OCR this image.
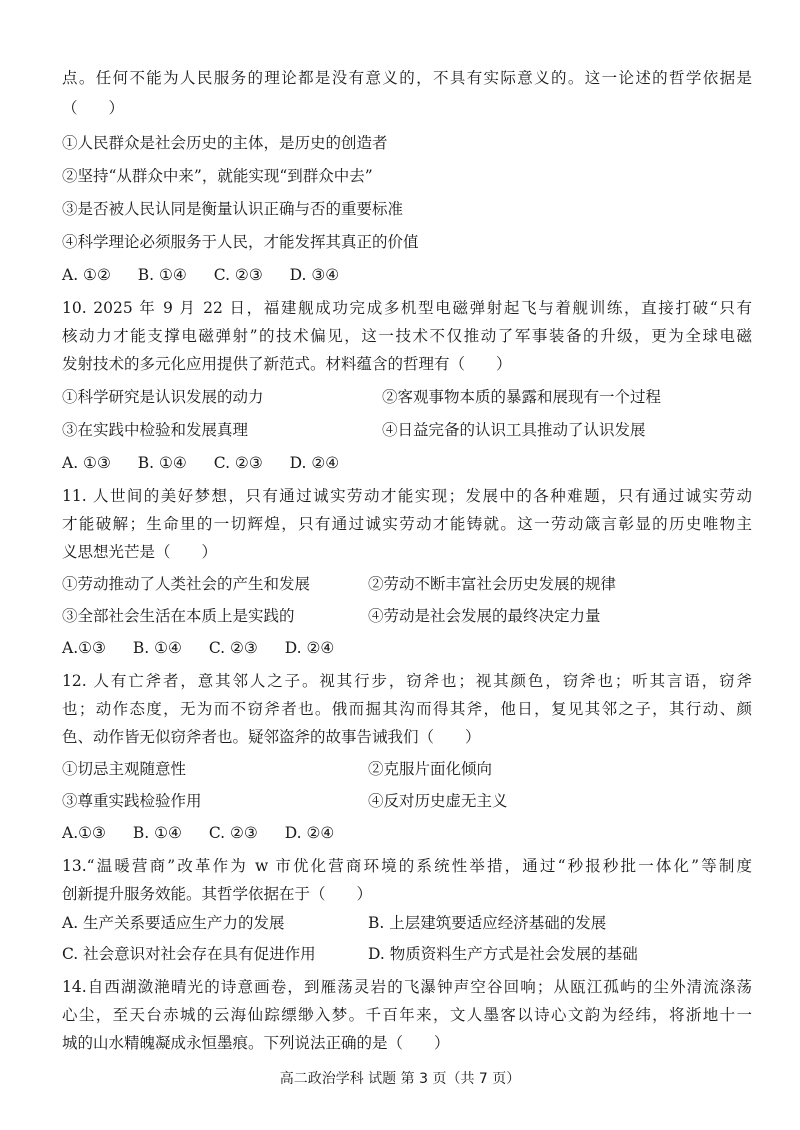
点。任何不能为人民服务的理论都是没有意义的，不具有实际意义的。这一论述的哲学依据是
（　　）
①人民群众是社会历史的主体，是历史的创造者
②坚持“从群众中来”，就能实现“到群众中去”
③是否被人民认同是衡量认识正确与否的重要标准
④科学理论必须服务于人民，才能发挥其真正的价值
A. ①② B. ①④ C. ②③ D. ③④
10. 2025 年 9 月 22 日，福建舰成功完成多机型电磁弹射起飞与着舰训练，直接打破“只有
核动力才能支撑电磁弹射”的技术偏见，这一技术不仅推动了军事装备的升级，更为全球电磁
发射技术的多元化应用提供了新范式。材料蕴含的哲理有（　　）
①科学研究是认识发展的动力	②客观事物本质的暴露和展现有一个过程
③在实践中检验和发展真理	④日益完备的认识工具推动了认识发展
A. ①③ B. ①④ C. ②③ D. ②④
11. 人世间的美好梦想，只有通过诚实劳动才能实现；发展中的各种难题，只有通过诚实劳动
才能破解；生命里的一切辉煌，只有通过诚实劳动才能铸就。这一劳动箴言彰显的历史唯物主
义思想光芒是（　　）
①劳动推动了人类社会的产生和发展	②劳动不断丰富社会历史发展的规律
③全部社会生活在本质上是实践的	④劳动是社会发展的最终决定力量
A.①③ B. ①④ C. ②③ D. ②④
12. 人有亡斧者，意其邻人之子。视其行步，窃斧也；视其颜色，窃斧也；听其言语，窃斧
也；动作态度，无为而不窃斧者也。俄而掘其沟而得其斧，他日，复见其邻之子，其行动、颜
色、动作皆无似窃斧者也。疑邻盗斧的故事告诫我们（　　）
①切忌主观随意性	②克服片面化倾向
③尊重实践检验作用	④反对历史虚无主义
A.①③ B. ①④ C. ②③ D. ②④
13.“温暖营商”改革作为 w 市优化营商环境的系统性举措，通过“秒报秒批一体化”等制度
创新提升服务效能。其哲学依据在于（　　）
A. 生产关系要适应生产力的发展	B. 上层建筑要适应经济基础的发展
C. 社会意识对社会存在具有促进作用	D. 物质资料生产方式是社会发展的基础
14.自西湖潋滟晴光的诗意画卷，到雁荡灵岩的飞瀑钟声空谷回响；从瓯江孤屿的尘外清流涤荡
心尘，至天台赤城的云海仙踪缥缈入梦。千百年来，文人墨客以诗心文韵为经纬，将浙地十一
城的山水精魄凝成永恒墨痕。下列说法正确的是（　　）
高二政治学科 试题 第 3 页（共 7 页）
